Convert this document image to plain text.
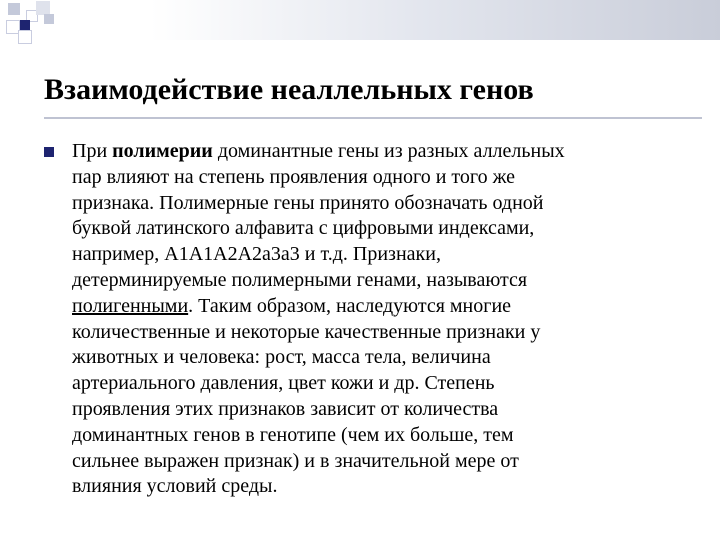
Взаимодействие неаллельных генов

При полимерии доминантные гены из разных аллельных
пар влияют на степень проявления одного и того же
признака. Полимерные гены принято обозначать одной
буквой латинского алфавита с цифровыми индексами,
например, А1А1А2А2а3а3 и т.д. Признаки,
детерминируемые полимерными генами, называются
полигенными. Таким образом, наследуются многие
количественные и некоторые качественные признаки у
животных и человека: рост, масса тела, величина
артериального давления, цвет кожи и др. Степень
проявления этих признаков зависит от количества
доминантных генов в генотипе (чем их больше, тем
сильнее выражен признак) и в значительной мере от
влияния условий среды.
